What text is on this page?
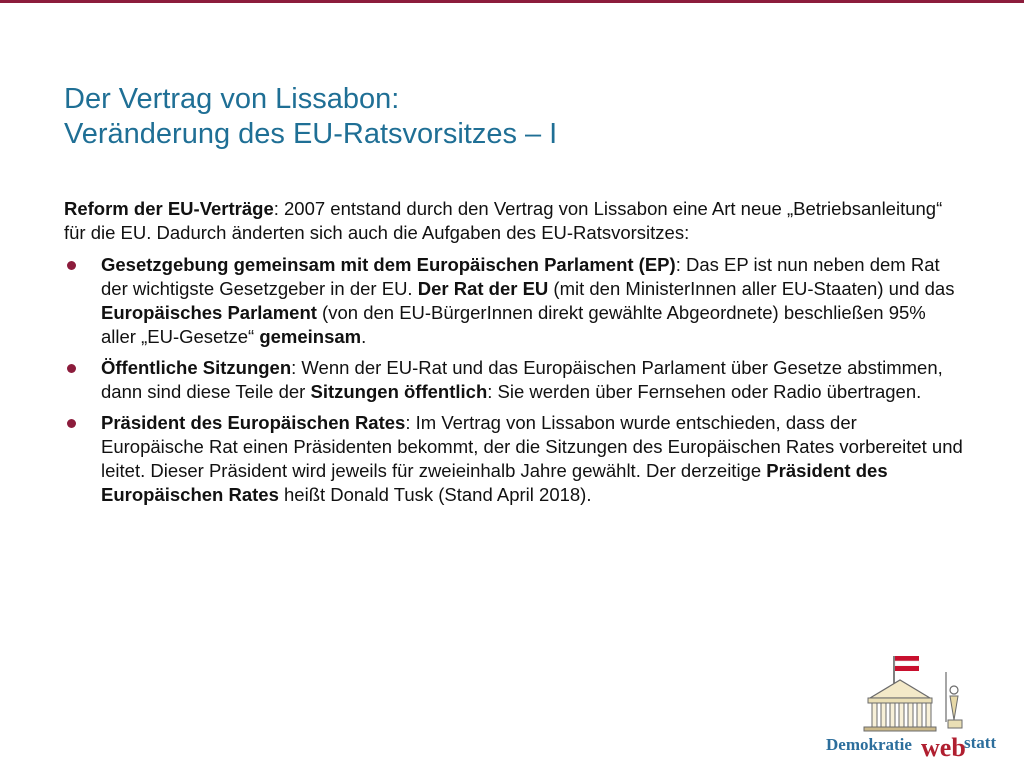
Der Vertrag von Lissabon:
Veränderung des EU-Ratsvorsitzes – I

Reform der EU-Verträge: 2007 entstand durch den Vertrag von Lissabon eine Art neue „Betriebsanleitung“ für die EU. Dadurch änderten sich auch die Aufgaben des EU-Ratsvorsitzes:

Gesetzgebung gemeinsam mit dem Europäischen Parlament (EP): Das EP ist nun neben dem Rat der wichtigste Gesetzgeber in der EU. Der Rat der EU (mit den MinisterInnen aller EU-Staaten) und das Europäisches Parlament (von den EU-BürgerInnen direkt gewählte Abgeordnete) beschließen 95% aller „EU-Gesetze“ gemeinsam.
Öffentliche Sitzungen: Wenn der EU-Rat und das Europäischen Parlament über Gesetze abstimmen, dann sind diese Teile der Sitzungen öffentlich: Sie werden über Fernsehen oder Radio übertragen.
Präsident des Europäischen Rates: Im Vertrag von Lissabon wurde entschieden, dass der Europäische Rat einen Präsidenten bekommt, der die Sitzungen des Europäischen Rates vorbereitet und leitet. Dieser Präsident wird jeweils für zweieinhalb Jahre gewählt. Der derzeitige Präsident des Europäischen Rates heißt Donald Tusk (Stand April 2018).
Demokratie web
statt
